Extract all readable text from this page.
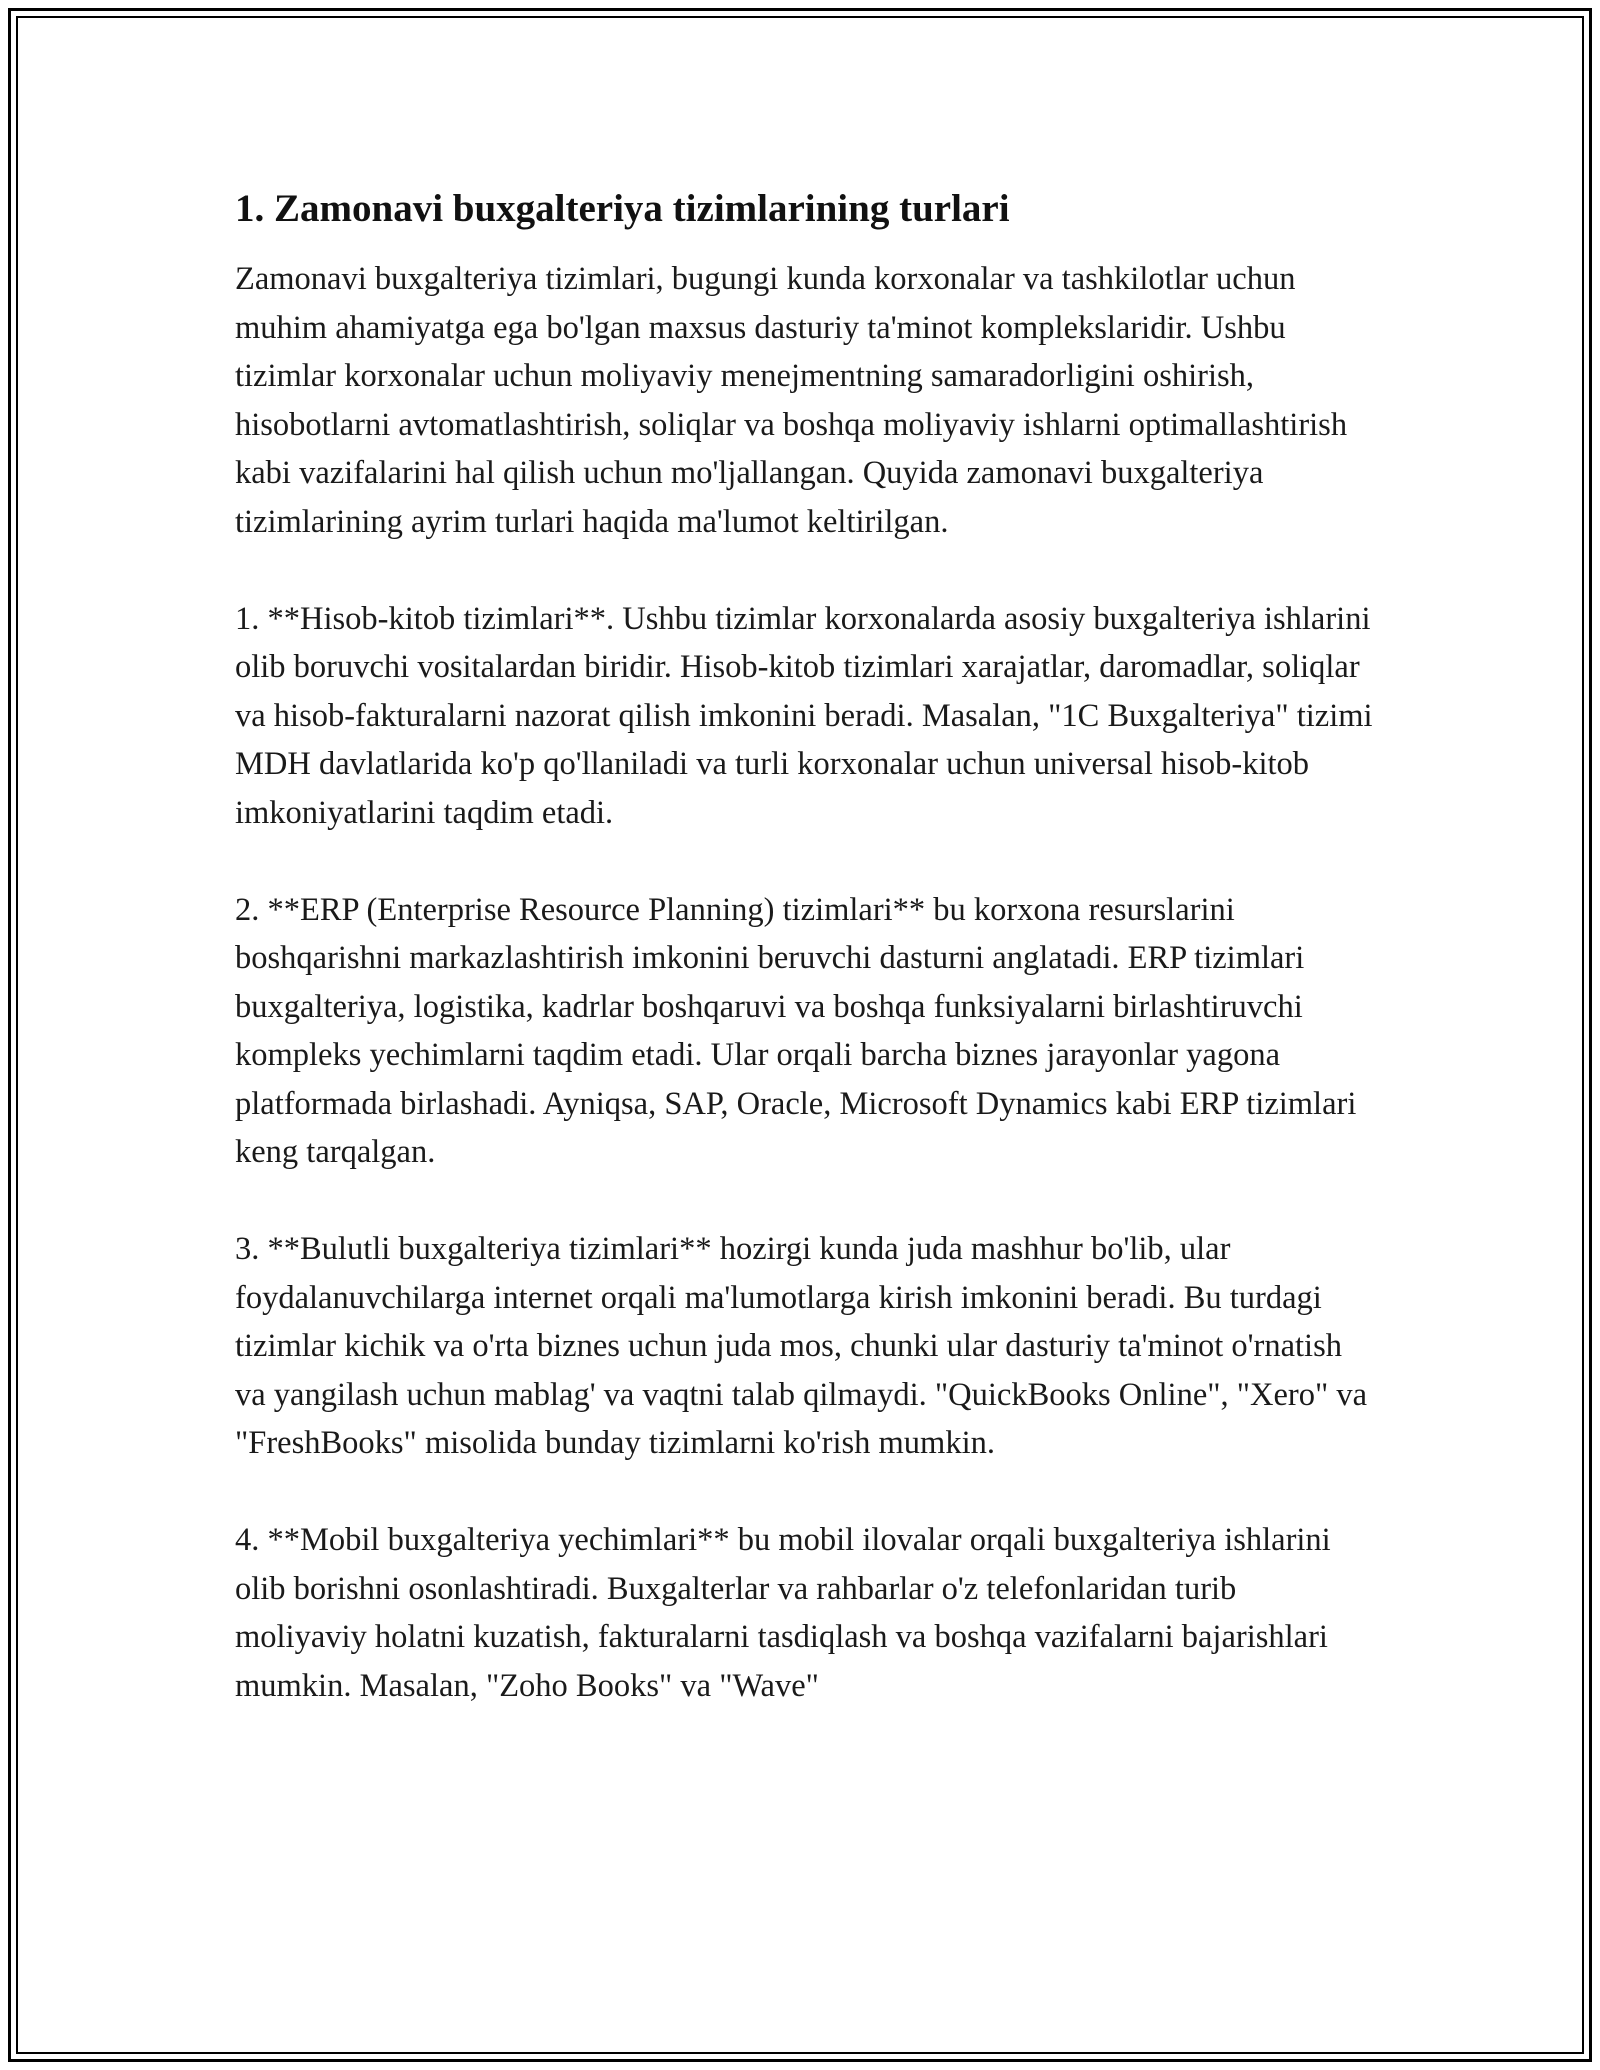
1. Zamonavi buxgalteriya tizimlarining turlari

Zamonavi buxgalteriya tizimlari, bugungi kunda korxonalar va tashkilotlar uchun muhim ahamiyatga ega bo'lgan maxsus dasturiy ta'minot komplekslaridir. Ushbu tizimlar korxonalar uchun moliyaviy menejmentning samaradorligini oshirish, hisobotlarni avtomatlashtirish, soliqlar va boshqa moliyaviy ishlarni optimallashtirish kabi vazifalarini hal qilish uchun mo'ljallangan. Quyida zamonavi buxgalteriya tizimlarining ayrim turlari haqida ma'lumot keltirilgan.

1. **Hisob-kitob tizimlari**. Ushbu tizimlar korxonalarda asosiy buxgalteriya ishlarini olib boruvchi vositalardan biridir. Hisob-kitob tizimlari xarajatlar, daromadlar, soliqlar va hisob-fakturalarni nazorat qilish imkonini beradi. Masalan, "1C Buxgalteriya" tizimi MDH davlatlarida ko'p qo'llaniladi va turli korxonalar uchun universal hisob-kitob imkoniyatlarini taqdim etadi.

2. **ERP (Enterprise Resource Planning) tizimlari** bu korxona resurslarini boshqarishni markazlashtirish imkonini beruvchi dasturni anglatadi. ERP tizimlari buxgalteriya, logistika, kadrlar boshqaruvi va boshqa funksiyalarni birlashtiruvchi kompleks yechimlarni taqdim etadi. Ular orqali barcha biznes jarayonlar yagona platformada birlashadi. Ayniqsa, SAP, Oracle, Microsoft Dynamics kabi ERP tizimlari keng tarqalgan.

3. **Bulutli buxgalteriya tizimlari** hozirgi kunda juda mashhur bo'lib, ular foydalanuvchilarga internet orqali ma'lumotlarga kirish imkonini beradi. Bu turdagi tizimlar kichik va o'rta biznes uchun juda mos, chunki ular dasturiy ta'minot o'rnatish va yangilash uchun mablag' va vaqtni talab qilmaydi. "QuickBooks Online", "Xero" va "FreshBooks" misolida bunday tizimlarni ko'rish mumkin.

4. **Mobil buxgalteriya yechimlari** bu mobil ilovalar orqali buxgalteriya ishlarini olib borishni osonlashtiradi. Buxgalterlar va rahbarlar o'z telefonlaridan turib moliyaviy holatni kuzatish, fakturalarni tasdiqlash va boshqa vazifalarni bajarishlari mumkin. Masalan, "Zoho Books" va "Wave"
